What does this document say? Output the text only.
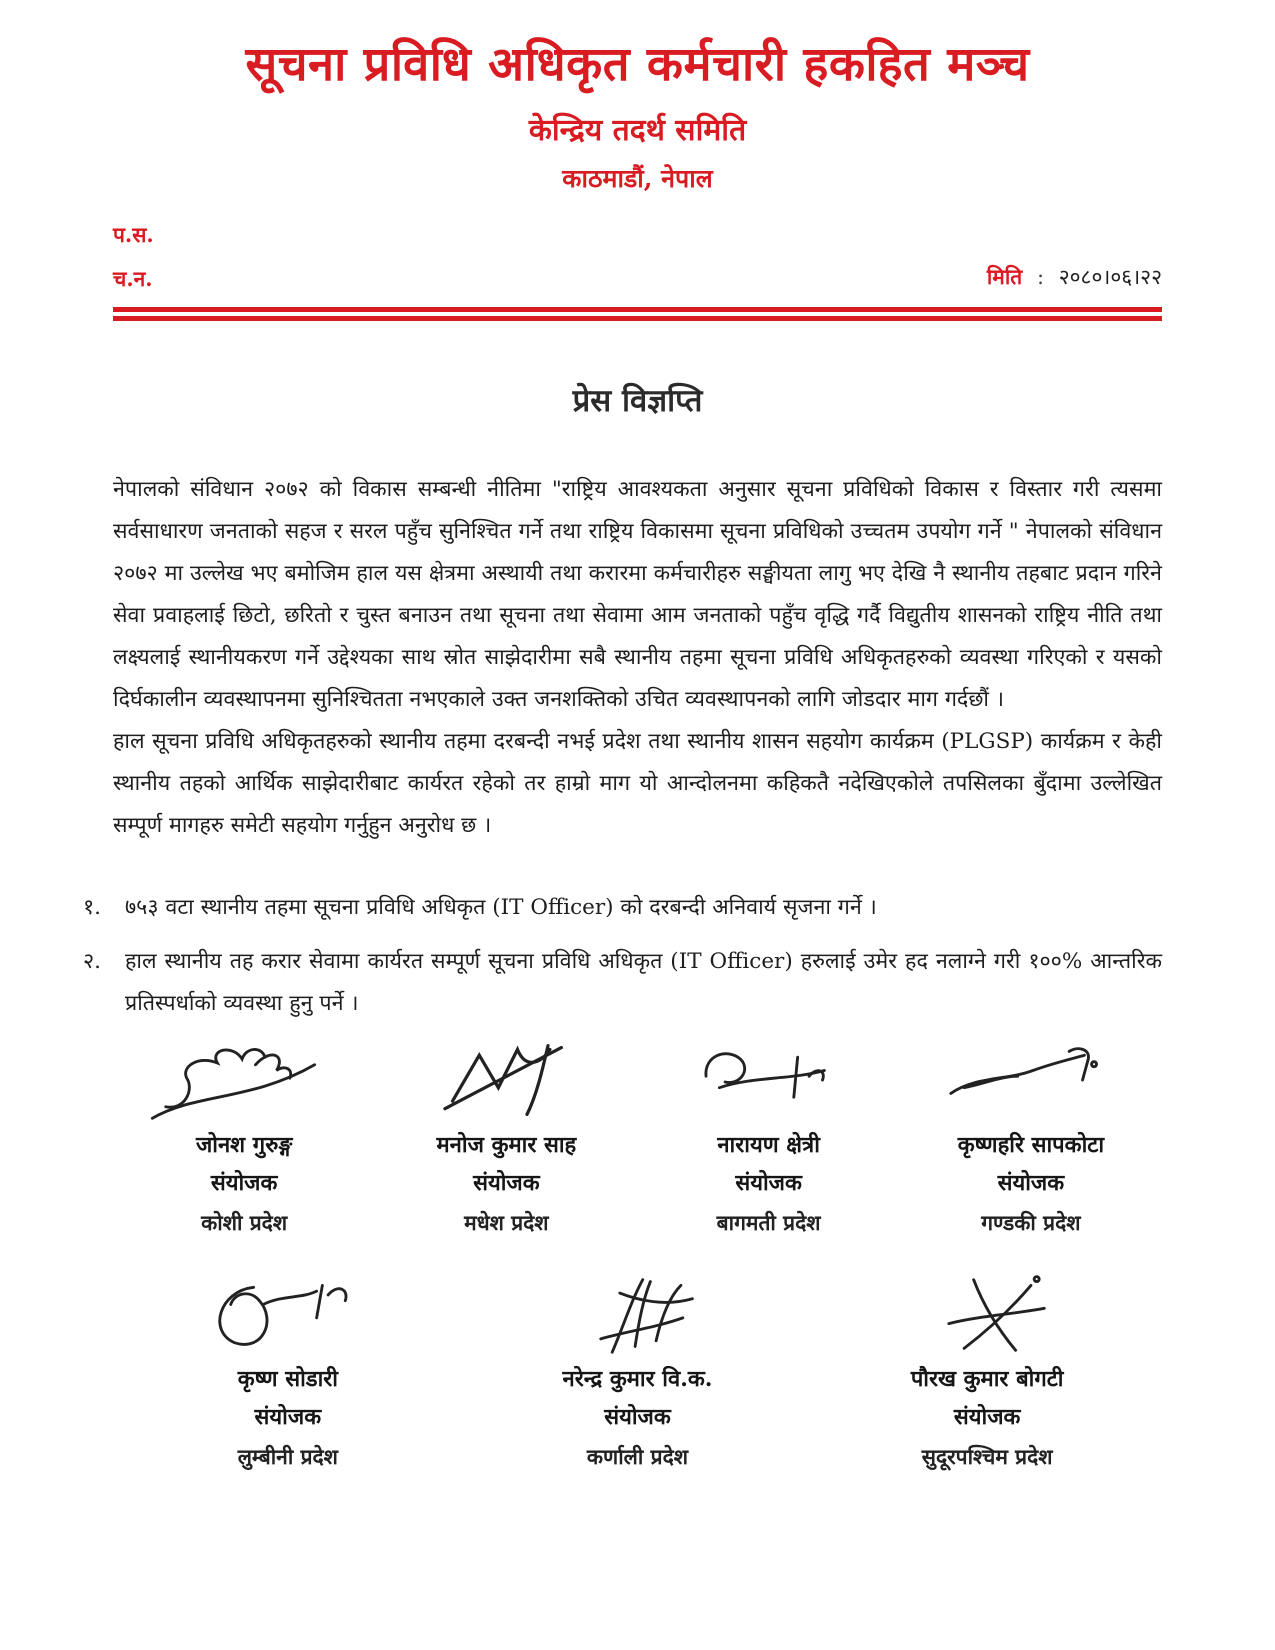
सूचना प्रविधि अधिकृत कर्मचारी हकहित मञ्च
केन्द्रिय तदर्थ समिति
काठमाडौं, नेपाल
प.स.
च.न.	मिति : २०८०।०६।२२
प्रेस विज्ञप्ति

नेपालको संविधान २०७२ को विकास सम्बन्धी नीतिमा "राष्ट्रिय आवश्यकता अनुसार सूचना प्रविधिको विकास र विस्तार गरी त्यसमा सर्वसाधारण जनताको सहज र सरल पहुँच सुनिश्चित गर्ने तथा राष्ट्रिय विकासमा सूचना प्रविधिको उच्चतम उपयोग गर्ने " नेपालको संविधान २०७२ मा उल्लेख भए बमोजिम हाल यस क्षेत्रमा अस्थायी तथा करारमा कर्मचारीहरु सङ्घीयता लागु भए देखि नै स्थानीय तहबाट प्रदान गरिने सेवा प्रवाहलाई छिटो, छरितो र चुस्त बनाउन तथा सूचना तथा सेवामा आम जनताको पहुँच वृद्धि गर्दै विद्युतीय शासनको राष्ट्रिय नीति तथा लक्ष्यलाई स्थानीयकरण गर्ने उद्देश्यका साथ स्रोत साझेदारीमा सबै स्थानीय तहमा सूचना प्रविधि अधिकृतहरुको व्यवस्था गरिएको र यसको दिर्घकालीन व्यवस्थापनमा सुनिश्चितता नभएकाले उक्त जनशक्तिको उचित व्यवस्थापनको लागि जोडदार माग गर्दछौं ।

हाल सूचना प्रविधि अधिकृतहरुको स्थानीय तहमा दरबन्दी नभई प्रदेश तथा स्थानीय शासन सहयोग कार्यक्रम (PLGSP) कार्यक्रम र केही स्थानीय तहको आर्थिक साझेदारीबाट कार्यरत रहेको तर हाम्रो माग यो आन्दोलनमा कहिकतै नदेखिएकोले तपसिलका बुँदामा उल्लेखित सम्पूर्ण मागहरु समेटी सहयोग गर्नुहुन अनुरोध छ ।

१.	७५३ वटा स्थानीय तहमा सूचना प्रविधि अधिकृत (IT Officer) को दरबन्दी अनिवार्य सृजना गर्ने ।
२.	हाल स्थानीय तह करार सेवामा कार्यरत सम्पूर्ण सूचना प्रविधि अधिकृत (IT Officer) हरुलाई उमेर हद नलाग्ने गरी १००% आन्तरिक प्रतिस्पर्धाको व्यवस्था हुनु पर्ने ।
जोनश गुरुङ्ग
संयोजक
कोशी प्रदेश
मनोज कुमार साह
संयोजक
मधेश प्रदेश
नारायण क्षेत्री
संयोजक
बागमती प्रदेश
कृष्णहरि सापकोटा
संयोजक
गण्डकी प्रदेश
कृष्ण सोडारी
संयोजक
लुम्बीनी प्रदेश
नरेन्द्र कुमार वि.क.
संयोजक
कर्णाली प्रदेश
पौरख कुमार बोगटी
संयोजक
सुदूरपश्चिम प्रदेश
